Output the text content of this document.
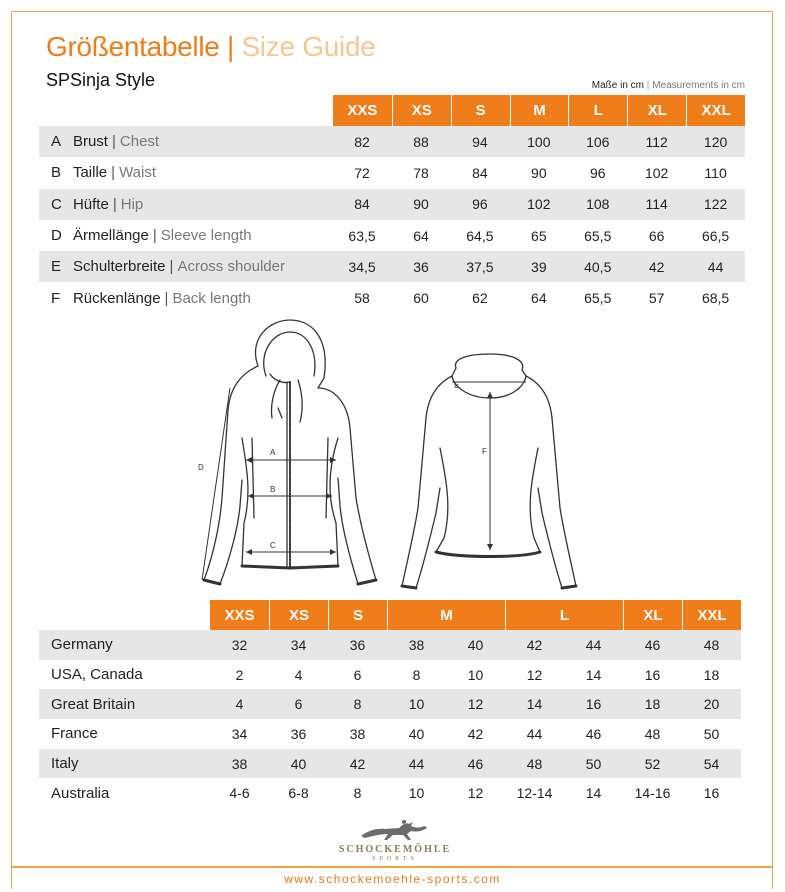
Größentabelle | Size Guide
SPSinja Style	Maße in cm | Measurements in cm
XXS	XS	S	M	L	XL	XXL
A Brust | Chest	82	88	94	100	106	112	120
B Taille | Waist	72	78	84	90	96	102	110
C Hüfte | Hip	84	90	96	102	108	114	122
D Ärmellänge | Sleeve length	63,5	64	64,5	65	65,5	66	66,5
E Schulterbreite | Across shoulder	34,5	36	37,5	39	40,5	42	44
F Rückenlänge | Back length	58	60	62	64	65,5	57	68,5
A
B
C
D
E
F
XXS	XS	S	M	L	XL	XXL
Germany	32	34	36	38	40	42	44	46	48
USA, Canada	2	4	6	8	10	12	14	16	18
Great Britain	4	6	8	10	12	14	16	18	20
France	34	36	38	40	42	44	46	48	50
Italy	38	40	42	44	46	48	50	52	54
Australia	4-6	6-8	8	10	12	12-14	14	14-16	16
SCHOCKEMÖHLE
SPORTS
www.schockemoehle-sports.com
